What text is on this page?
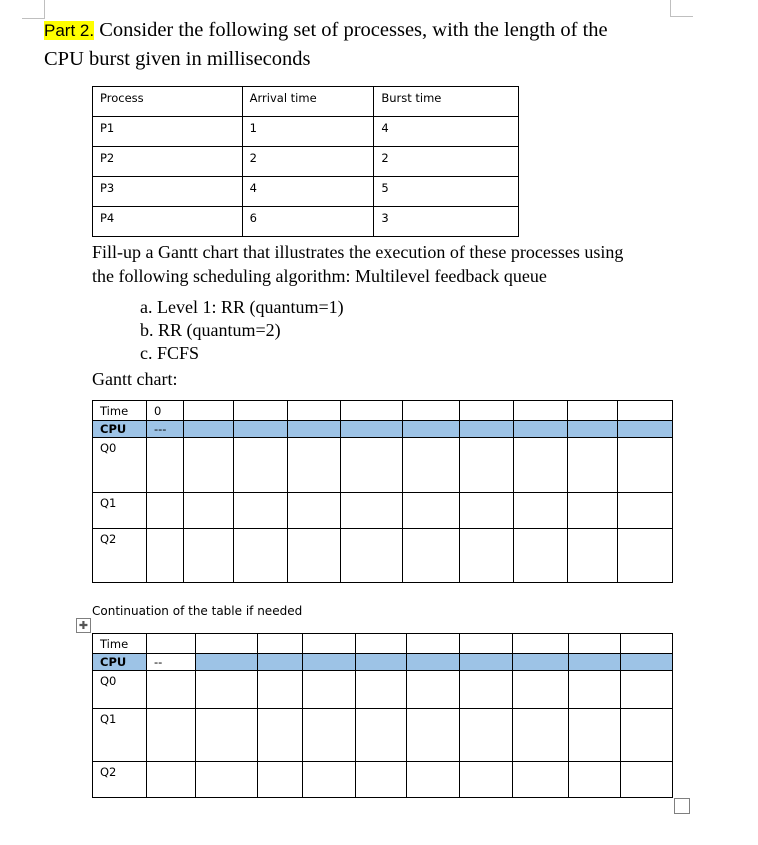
Part 2. Consider the following set of processes, with the length of the
CPU burst given in milliseconds
Process	Arrival time	Burst time
P1	1	4
P2	2	2
P3	4	5
P4	6	3
Fill-up a Gantt chart that illustrates the execution of these processes using
the following scheduling algorithm: Multilevel feedback queue
a. Level 1: RR (quantum=1)
b. RR (quantum=2)
c. FCFS
Gantt chart:
Time	0									
CPU	---									
Q0										
Q1										
Q2										
Continuation of the table if needed
✚
Time										
CPU	--									
Q0										
Q1										
Q2										
